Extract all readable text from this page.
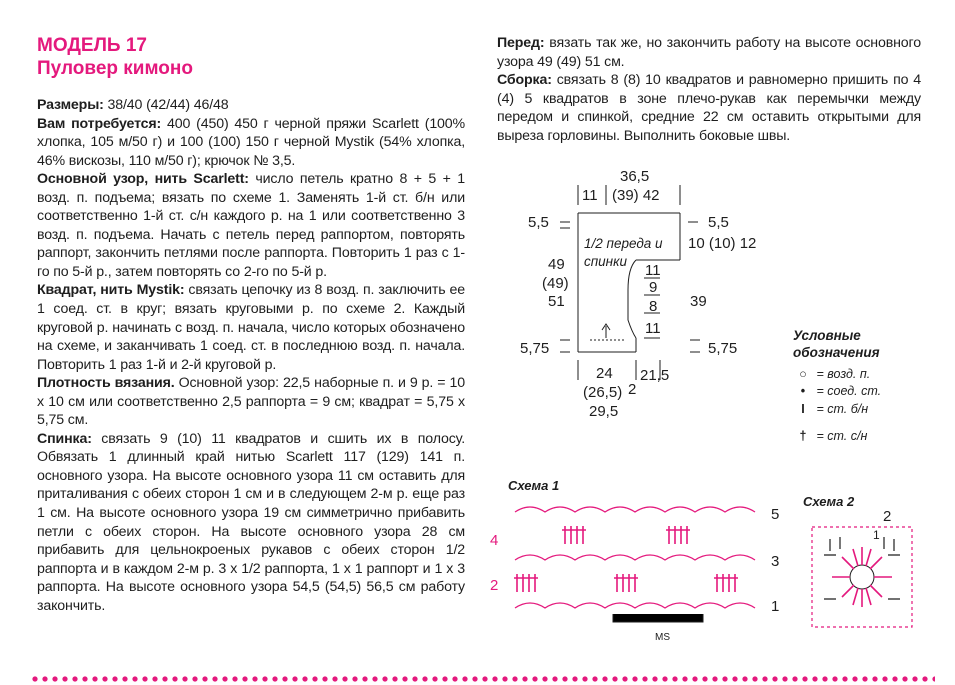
МОДЕЛЬ 17
Пуловер кимоно

Размеры: 38/40 (42/44) 46/48

Вам потребуется: 400 (450) 450 г черной пряжи Scarlett (100% хлопка, 105 м/50 г) и 100 (100) 150 г черной Mystik (54% хлопка, 46% вискозы, 110 м/50 г); крючок № 3,5.

Основной узор, нить Scarlett: число петель кратно 8 + 5 + 1 возд. п. подъема; вязать по схеме 1. Заменять 1-й ст. б/н или соответственно 1-й ст. с/н каждого р. на 1 или соответственно 3 возд. п. подъема. Начать с петель перед раппортом, повторять раппорт, закончить петлями после раппорта. Повторить 1 раз с 1-го по 5-й р., затем повторять со 2-го по 5-й р.

Квадрат, нить Mystik: связать цепочку из 8 возд. п. заключить ее 1 соед. ст. в круг; вязать круговыми р. по схеме 2. Каждый круговой р. начинать с возд. п. начала, число которых обозначено на схеме, и заканчивать 1 соед. ст. в последнюю возд. п. начала. Повторить 1 раз 1-й и 2-й круговой р.

Плотность вязания. Основной узор: 22,5 наборные п. и 9 р. = 10 х 10 см или соответственно 2,5 раппорта = 9 см; квадрат = 5,75 х 5,75 см.

Спинка: связать 9 (10) 11 квадратов и сшить их в полосу. Обвязать 1 длинный край нитью Scarlett 117 (129) 141 п. основного узора. На высоте основного узора 11 см оставить для приталивания с обеих сторон 1 см и в следующем 2-м р. еще раз 1 см. На высоте основного узора 19 см симметрично прибавить петли с обеих сторон. На высоте основного узора 28 см прибавить для цельнокроеных рукавов с обеих сторон 1/2 раппорта и в каждом 2-м р. 3 х 1/2 раппорта, 1 х 1 раппорт и 1 х 3 раппорта. На высоте основного узора 54,5 (54,5) 56,5 см работу закончить.

Перед: вязать так же, но закончить работу на высоте основного узора 49 (49) 51 см.

Сборка: связать 8 (8) 10 квадратов и равномерно пришить по 4 (4) 5 квадратов в зоне плечо-рукав как перемычки между передом и спинкой, средние 22 см оставить открытыми для выреза горловины. Выполнить боковые швы.

36,5
11 (39) 42
5,5	5,5
10 (10) 12
1/2 переда и
спинки
49
(49)
51
11
9
8
11
39
5,75	5,75
24
(26,5)
29,5
2
21,5
Условные
обозначения
○ = возд. п.
• = соед. ст.
I = ст. б/н
† = ст. с/н
Схема 1
5
3
1
4
2
MS
Схема 2
2
1
